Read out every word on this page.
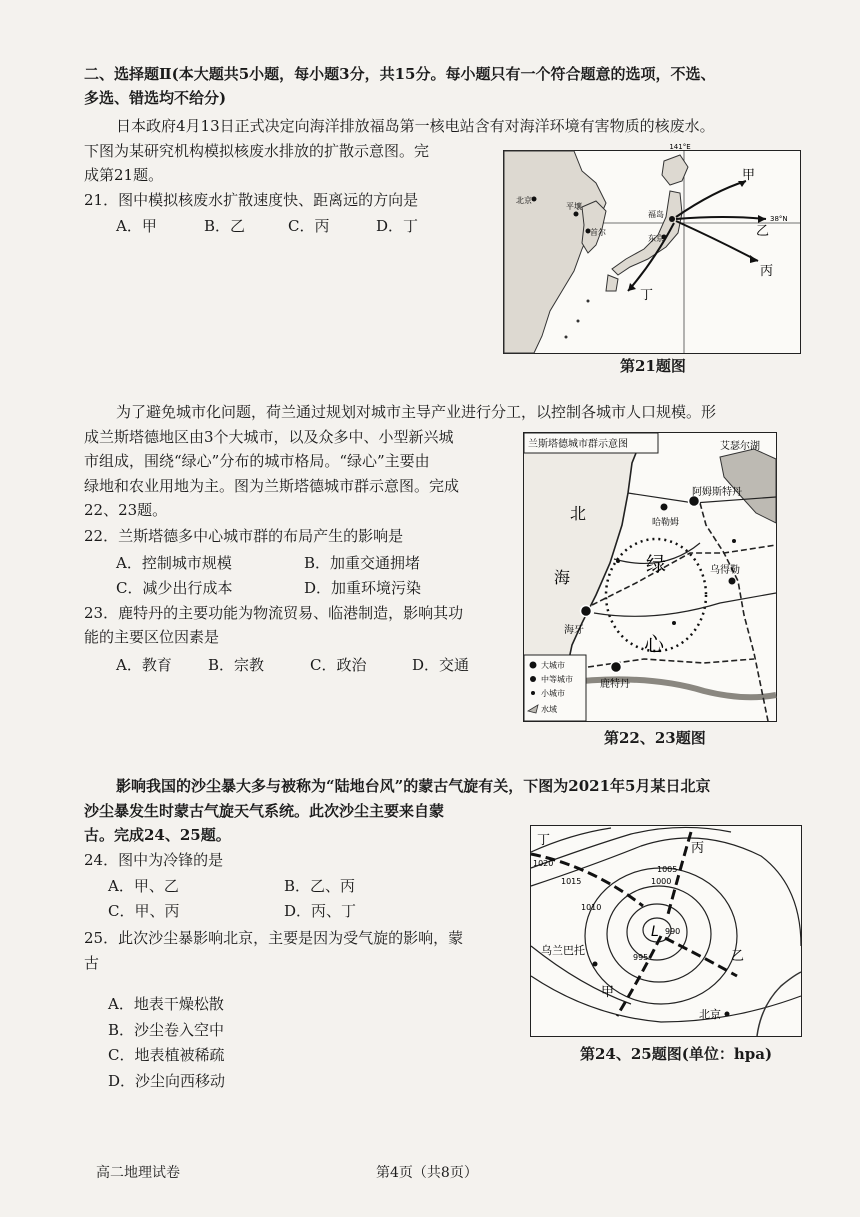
二、选择题Ⅱ(本大题共5小题，每小题3分，共15分。每小题只有一个符合题意的选项，不选、
多选、错选均不给分)
日本政府4月13日正式决定向海洋排放福岛第一核电站含有对海洋环境有害物质的核废水。
下图为某研究机构模拟核废水排放的扩散示意图。完
成第21题。
21．图中模拟核废水扩散速度快、距离远的方向是
A．甲	B．乙	C．丙	D．丁
141°E
38°N
北京
平壤
首尔
福岛
东京
甲
乙
丙
丁
第21题图
为了避免城市化问题，荷兰通过规划对城市主导产业进行分工，以控制各城市人口规模。形
成兰斯塔德地区由3个大城市，以及众多中、小型新兴城
市组成，围绕“绿心”分布的城市格局。“绿心”主要由
绿地和农业用地为主。图为兰斯塔德城市群示意图。完成
22、23题。
22．兰斯塔德多中心城市群的布局产生的影响是
A．控制城市规模	B．加重交通拥堵
C．减少出行成本	D．加重环境污染
23．鹿特丹的主要功能为物流贸易、临港制造，影响其功
能的主要区位因素是
A．教育 B．宗教	C．政治	D．交通
兰斯塔德城市群示意图	艾瑟尔湖
阿姆斯特丹
哈勒姆
北
海
绿
心
乌得勒
海牙
鹿特丹
大城市
中等城市
小城市
水域
第22、23题图
影响我国的沙尘暴大多与被称为“陆地台风”的蒙古气旋有关，下图为2021年5月某日北京
沙尘暴发生时蒙古气旋天气系统。此次沙尘主要来自蒙
古。完成24、25题。
24．图中为冷锋的是
A．甲、乙	B．乙、丙
C．甲、丙	D．丙、丁
25．此次沙尘暴影响北京，主要是因为受气旋的影响，蒙
古
A．地表干燥松散
B．沙尘卷入空中
C．地表植被稀疏
D．沙尘向西移动
L
1020
1015
1010
1005
1000
990
995
乌兰巴托
北京
甲
乙
丙
丁
第24、25题图(单位：hpa)
高二地理试卷	第4页（共8页）
